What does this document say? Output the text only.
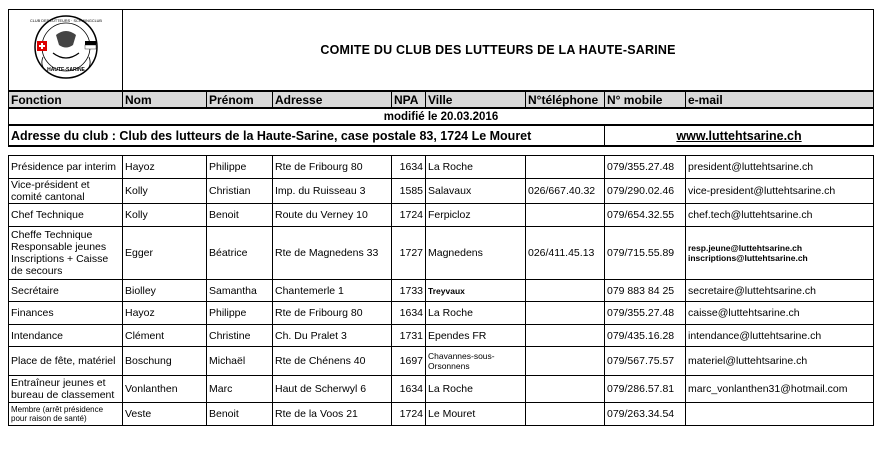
CLUB DES LUTTEURS · SCHWINGCLUB
HAUTE-SARINE	COMITE DU CLUB DES LUTTEURS DE LA HAUTE-SARINE							
Fonction	Nom	Prénom	Adresse	NPA	Ville	N°téléphone	N° mobile	e-mail
modifié le 20.03.2016								
Adresse du club : Club des lutteurs de la Haute-Sarine, case postale 83, 1724 Le Mouret							www.luttehtsarine.ch	

Présidence par interim	Hayoz	Philippe	Rte de Fribourg 80	1634	La Roche		079/355.27.48	president@luttehtsarine.ch
Vice-président et comité cantonal	Kolly	Christian	Imp. du Ruisseau 3	1585	Salavaux	026/667.40.32	079/290.02.46	vice-president@luttehtsarine.ch
Chef Technique	Kolly	Benoit	Route du Verney 10	1724	Ferpicloz		079/654.32.55	chef.tech@luttehtsarine.ch
Cheffe Technique Responsable jeunes Inscriptions + Caisse de secours	Egger	Béatrice	Rte de Magnedens 33	1727	Magnedens	026/411.45.13	079/715.55.89	resp.jeune@luttehtsarine.ch
inscriptions@luttehtsarine.ch

Secrétaire	Biolley	Samantha	Chantemerle 1	1733	Treyvaux		079 883 84 25	secretaire@luttehtsarine.ch
Finances	Hayoz	Philippe	Rte de Fribourg 80	1634	La Roche		079/355.27.48	caisse@luttehtsarine.ch
Intendance	Clément	Christine	Ch. Du Pralet 3	1731	Ependes FR		079/435.16.28	intendance@luttehtsarine.ch
Place de fête, matériel	Boschung	Michaël	Rte de Chénens 40	1697	Chavannes-sous-Orsonnens		079/567.75.57	materiel@luttehtsarine.ch
Entraîneur jeunes et bureau de classement	Vonlanthen	Marc	Haut de Scherwyl 6	1634	La Roche		079/286.57.81	marc_vonlanthen31@hotmail.com
Membre (arrêt présidence pour raison de santé)	Veste	Benoit	Rte de la Voos 21	1724	Le Mouret		079/263.34.54	
